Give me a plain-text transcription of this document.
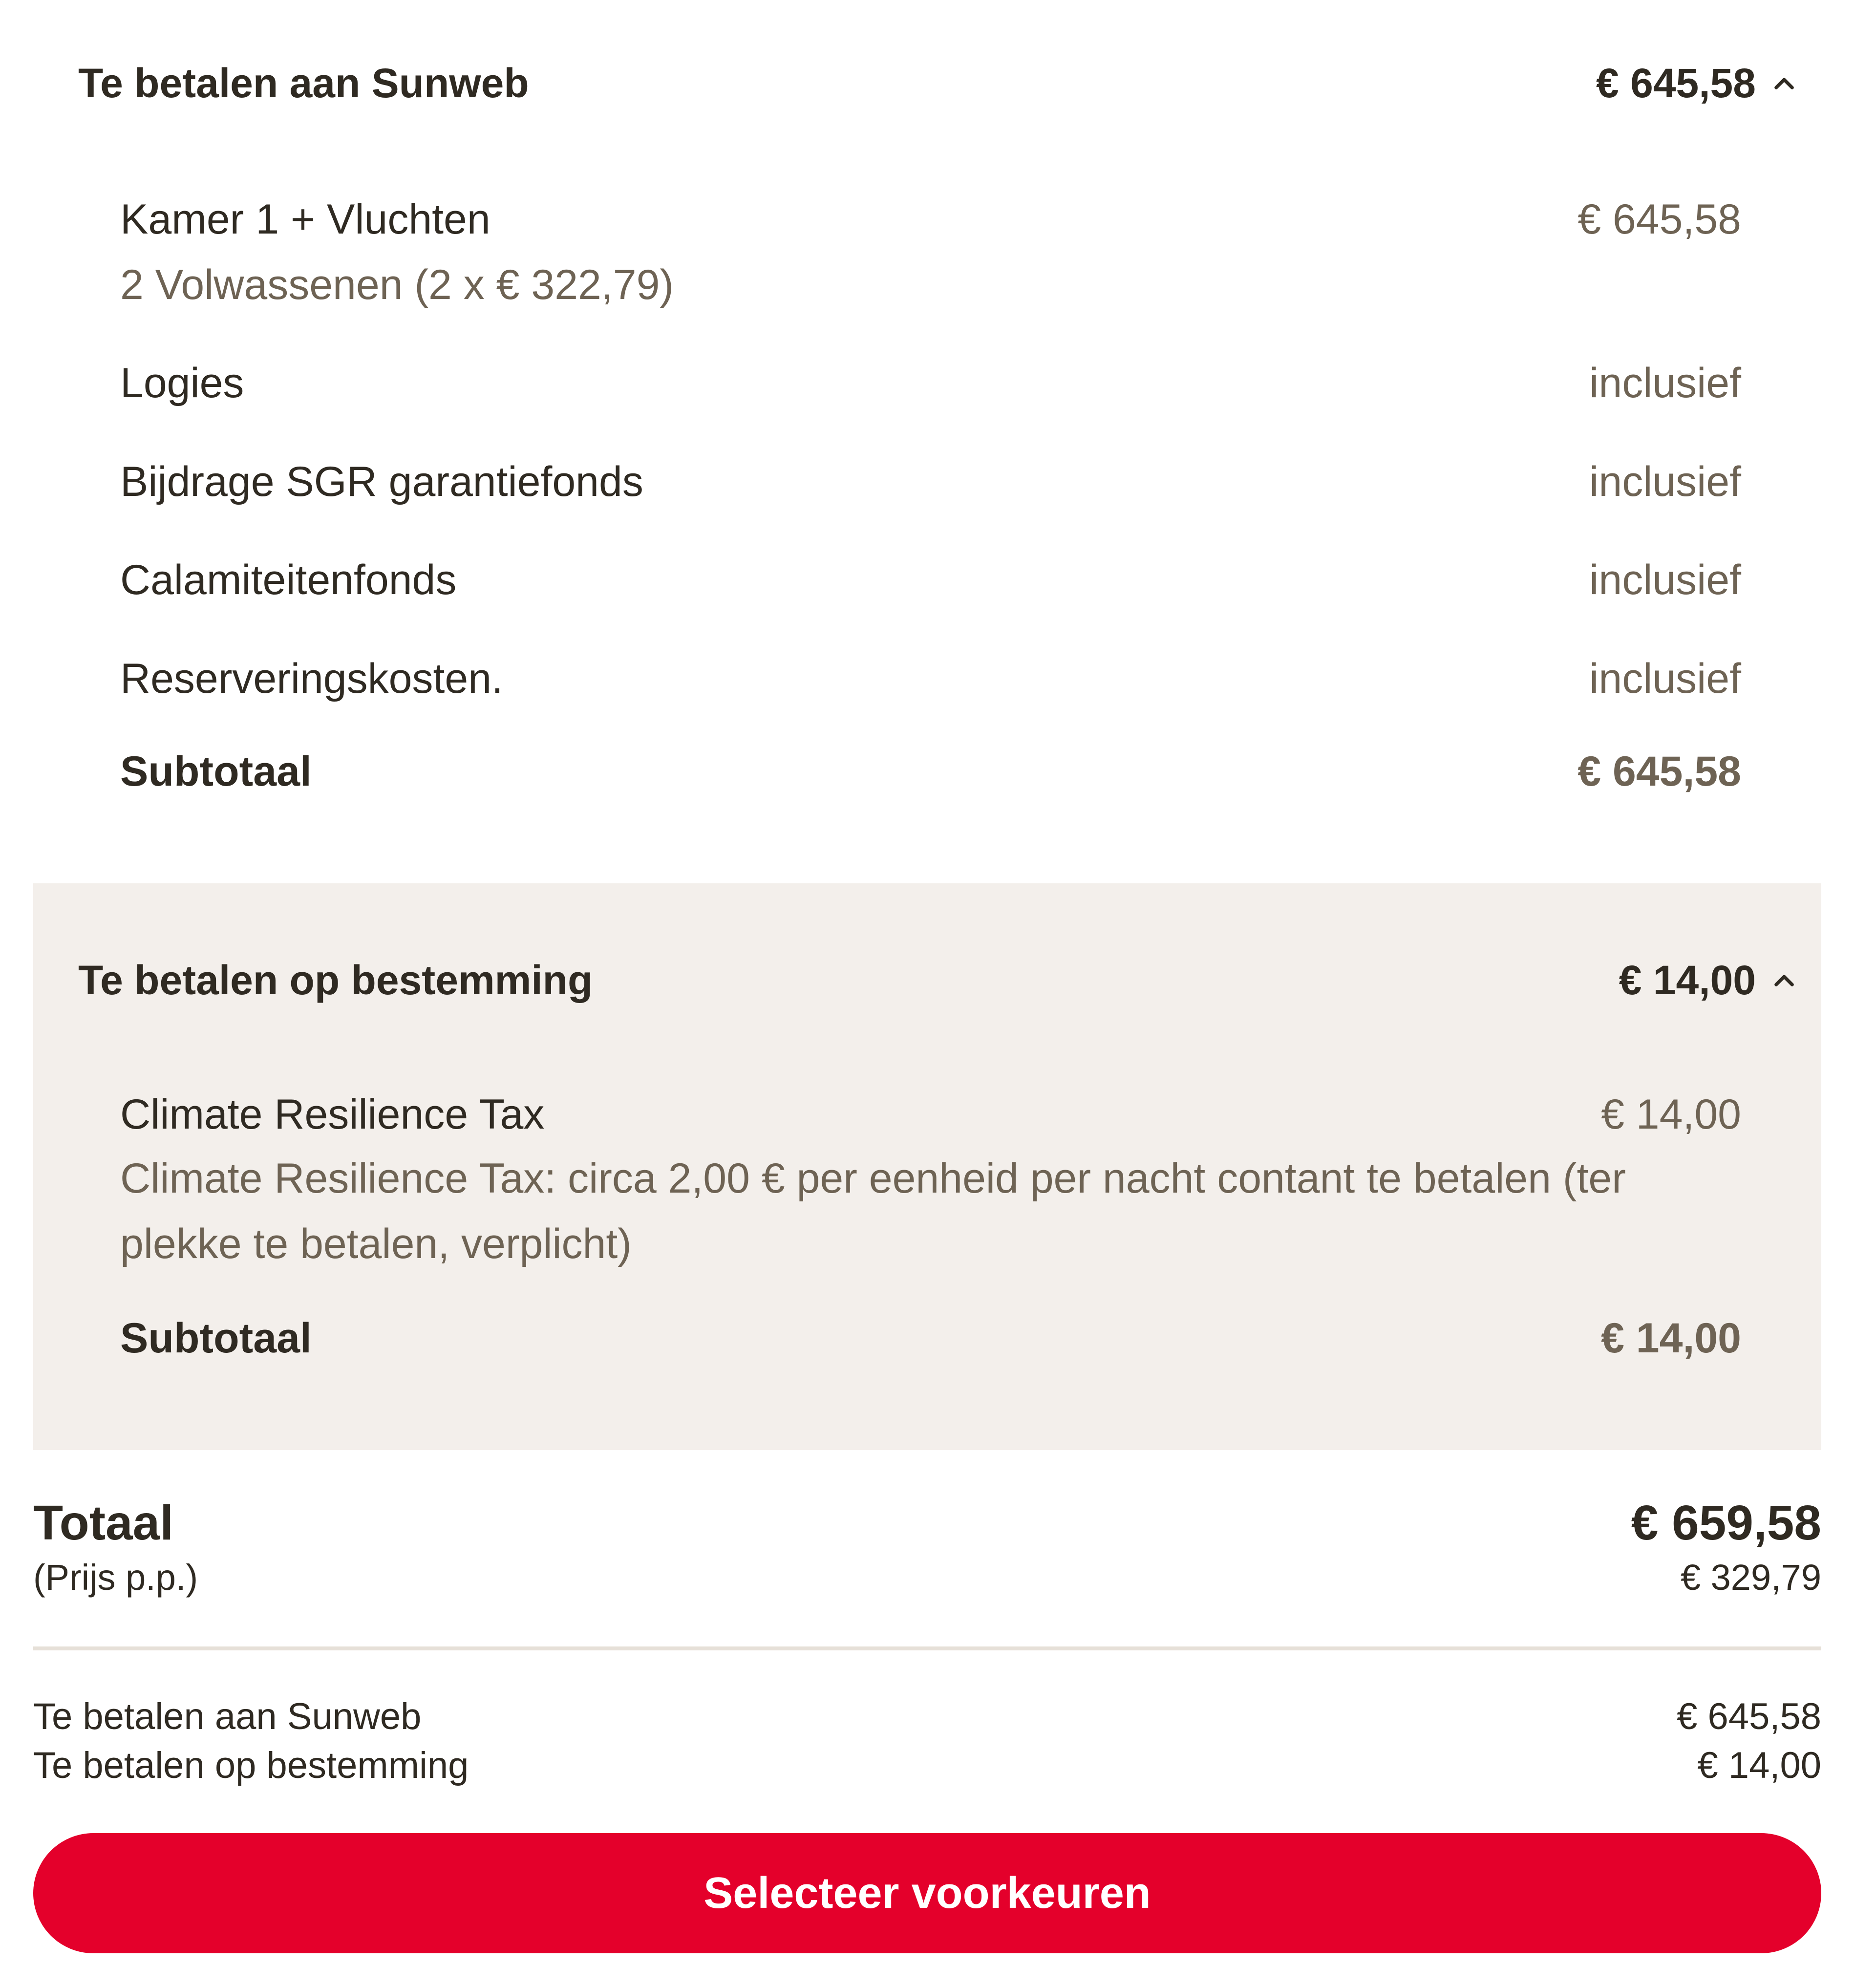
Te betalen aan Sunweb	€ 645,58
Kamer 1 + Vluchten	€ 645,58
2 Volwassenen (2 x € 322,79)
Logies	inclusief
Bijdrage SGR garantiefonds	inclusief
Calamiteitenfonds	inclusief
Reserveringskosten.	inclusief
Subtotaal	€ 645,58
Te betalen op bestemming	€ 14,00
Climate Resilience Tax	€ 14,00
Climate Resilience Tax: circa 2,00 € per eenheid per nacht contant te betalen (ter plekke te betalen, verplicht)
Subtotaal	€ 14,00
Totaal	€ 659,58
(Prijs p.p.)	€ 329,79
Te betalen aan Sunweb	€ 645,58
Te betalen op bestemming	€ 14,00
Selecteer voorkeuren
